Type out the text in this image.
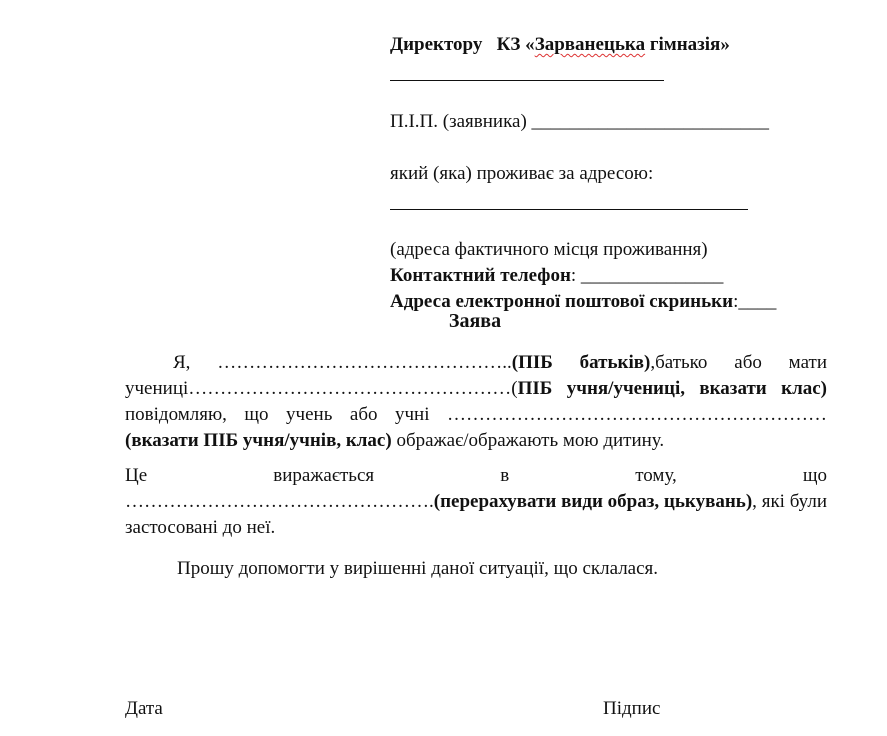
Директору КЗ «Зарванецька гімназія»
П.І.П. (заявника) _________________________
який (яка) проживає за адресою:
(адреса фактичного місця проживання)
Контактний телефон: _______________
Адреса електронної поштової скриньки:____
Заява

Я, ………………………………………..(ПІБ батьків),батько або мати учениці……………………………………………(ПІБ учня/учениці, вказати клас) повідомляю, що учень або учні ……………………………………………………(вказати ПІБ учня/учнів, клас) ображає/ображають мою дитину.

Це виражається в тому, що

………………………………………….(перерахувати види образ, цькувань), які були застосовані до неї.

Прошу допомогти у вирішенні даної ситуації, що склалася.

Дата	Підпис
